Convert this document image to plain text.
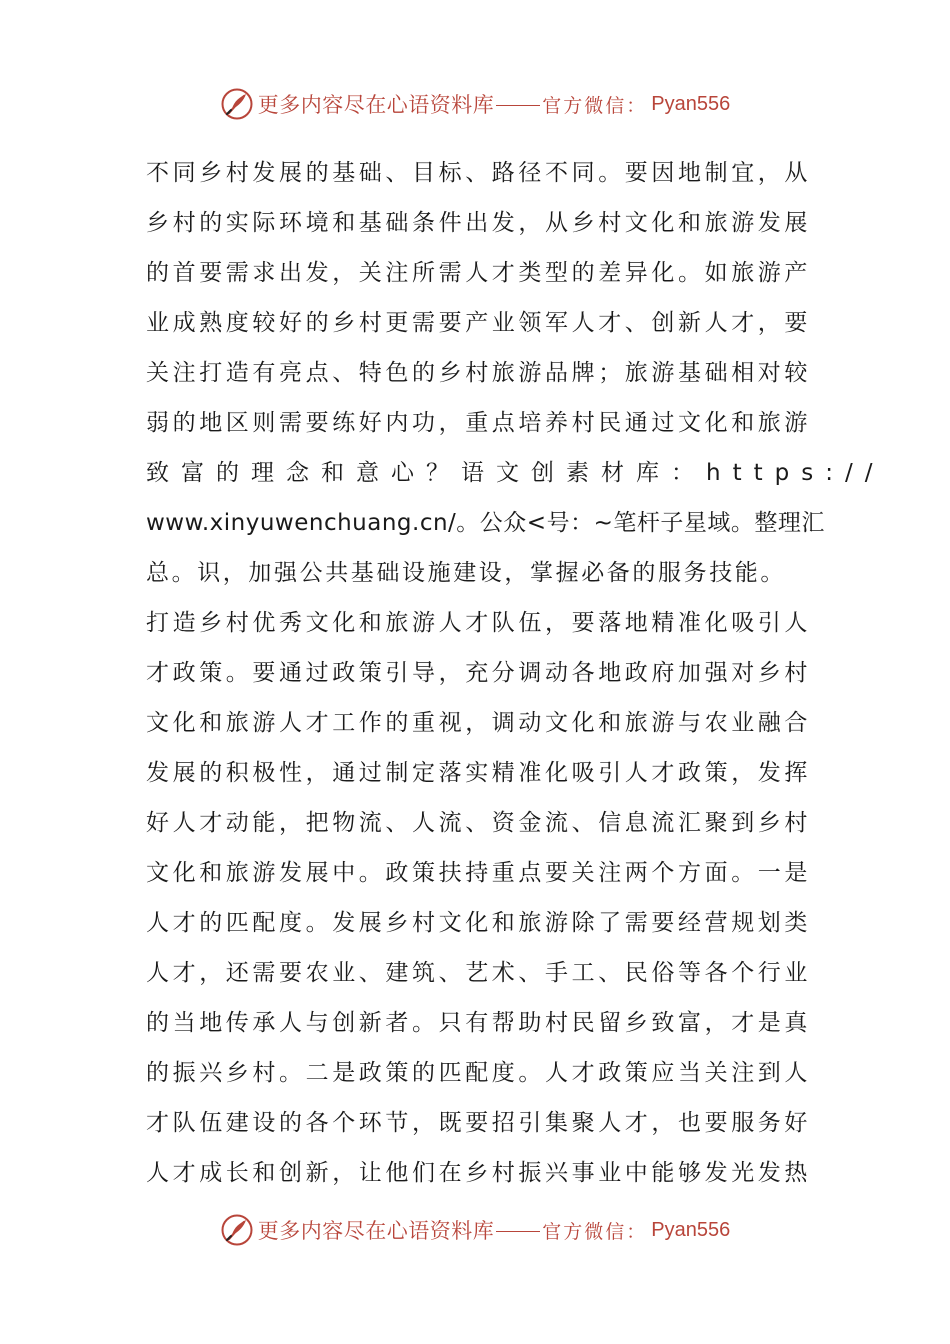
更多内容尽在心语资料库	官方微信： Pyan556
不同乡村发展的基础、目标、路径不同。要因地制宜，从
乡村的实际环境和基础条件出发，从乡村文化和旅游发展
的首要需求出发，关注所需人才类型的差异化。如旅游产
业成熟度较好的乡村更需要产业领军人才、创新人才，要
关注打造有亮点、特色的乡村旅游品牌；旅游基础相对较
弱的地区则需要练好内功，重点培养村民通过文化和旅游
致富的理念和意心？语文创素材库：https://
www.xinyuwenchuang.cn/。公众<号：~笔杆子星域。整理汇
总。识，加强公共基础设施建设，掌握必备的服务技能。
打造乡村优秀文化和旅游人才队伍，要落地精准化吸引人
才政策。要通过政策引导，充分调动各地政府加强对乡村
文化和旅游人才工作的重视，调动文化和旅游与农业融合
发展的积极性，通过制定落实精准化吸引人才政策，发挥
好人才动能，把物流、人流、资金流、信息流汇聚到乡村
文化和旅游发展中。政策扶持重点要关注两个方面。一是
人才的匹配度。发展乡村文化和旅游除了需要经营规划类
人才，还需要农业、建筑、艺术、手工、民俗等各个行业
的当地传承人与创新者。只有帮助村民留乡致富，才是真
的振兴乡村。二是政策的匹配度。人才政策应当关注到人
才队伍建设的各个环节，既要招引集聚人才，也要服务好
人才成长和创新，让他们在乡村振兴事业中能够发光发热
更多内容尽在心语资料库	官方微信： Pyan556
